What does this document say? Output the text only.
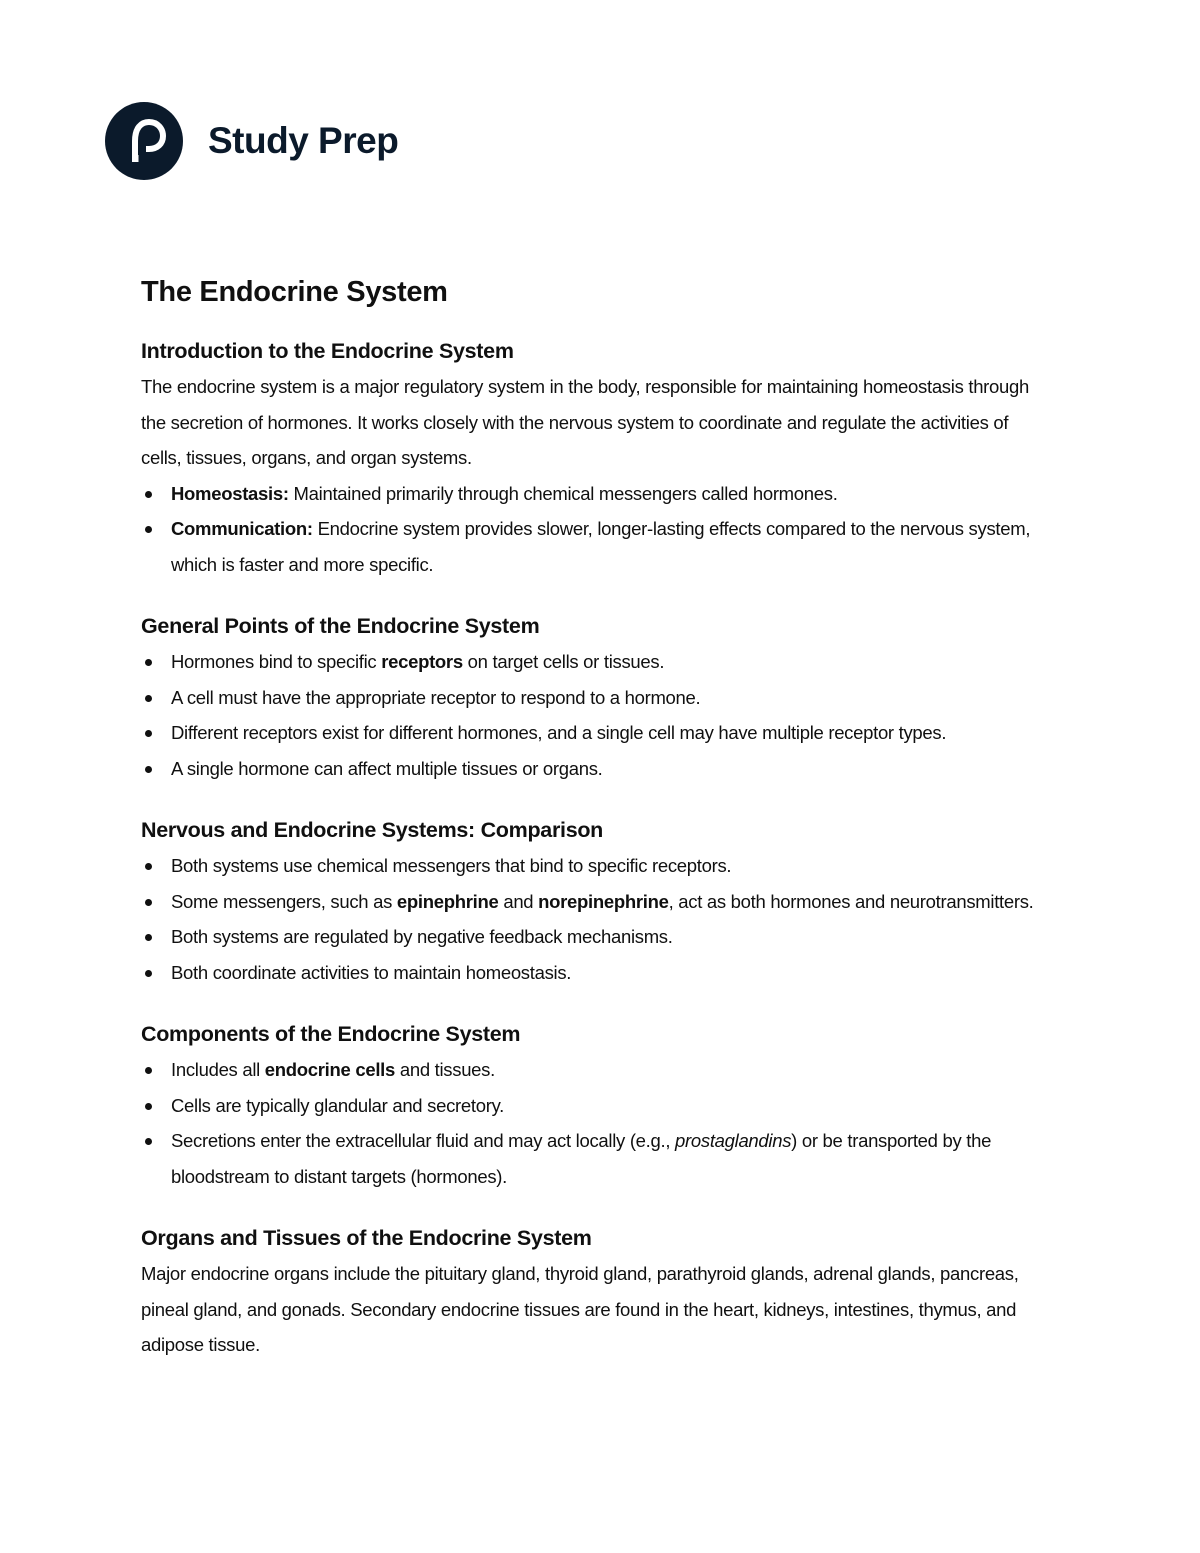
Study Prep
The Endocrine System
Introduction to the Endocrine System

The endocrine system is a major regulatory system in the body, responsible for maintaining homeostasis through the secretion of hormones. It works closely with the nervous system to coordinate and regulate the activities of cells, tissues, organs, and organ systems.

Homeostasis: Maintained primarily through chemical messengers called hormones.
Communication: Endocrine system provides slower, longer-lasting effects compared to the nervous system, which is faster and more specific.
General Points of the Endocrine System
Hormones bind to specific receptors on target cells or tissues.
A cell must have the appropriate receptor to respond to a hormone.
Different receptors exist for different hormones, and a single cell may have multiple receptor types.
A single hormone can affect multiple tissues or organs.
Nervous and Endocrine Systems: Comparison
Both systems use chemical messengers that bind to specific receptors.
Some messengers, such as epinephrine and norepinephrine, act as both hormones and neurotransmitters.
Both systems are regulated by negative feedback mechanisms.
Both coordinate activities to maintain homeostasis.
Components of the Endocrine System
Includes all endocrine cells and tissues.
Cells are typically glandular and secretory.
Secretions enter the extracellular fluid and may act locally (e.g., prostaglandins) or be transported by the bloodstream to distant targets (hormones).
Organs and Tissues of the Endocrine System

Major endocrine organs include the pituitary gland, thyroid gland, parathyroid glands, adrenal glands, pancreas, pineal gland, and gonads. Secondary endocrine tissues are found in the heart, kidneys, intestines, thymus, and adipose tissue.
